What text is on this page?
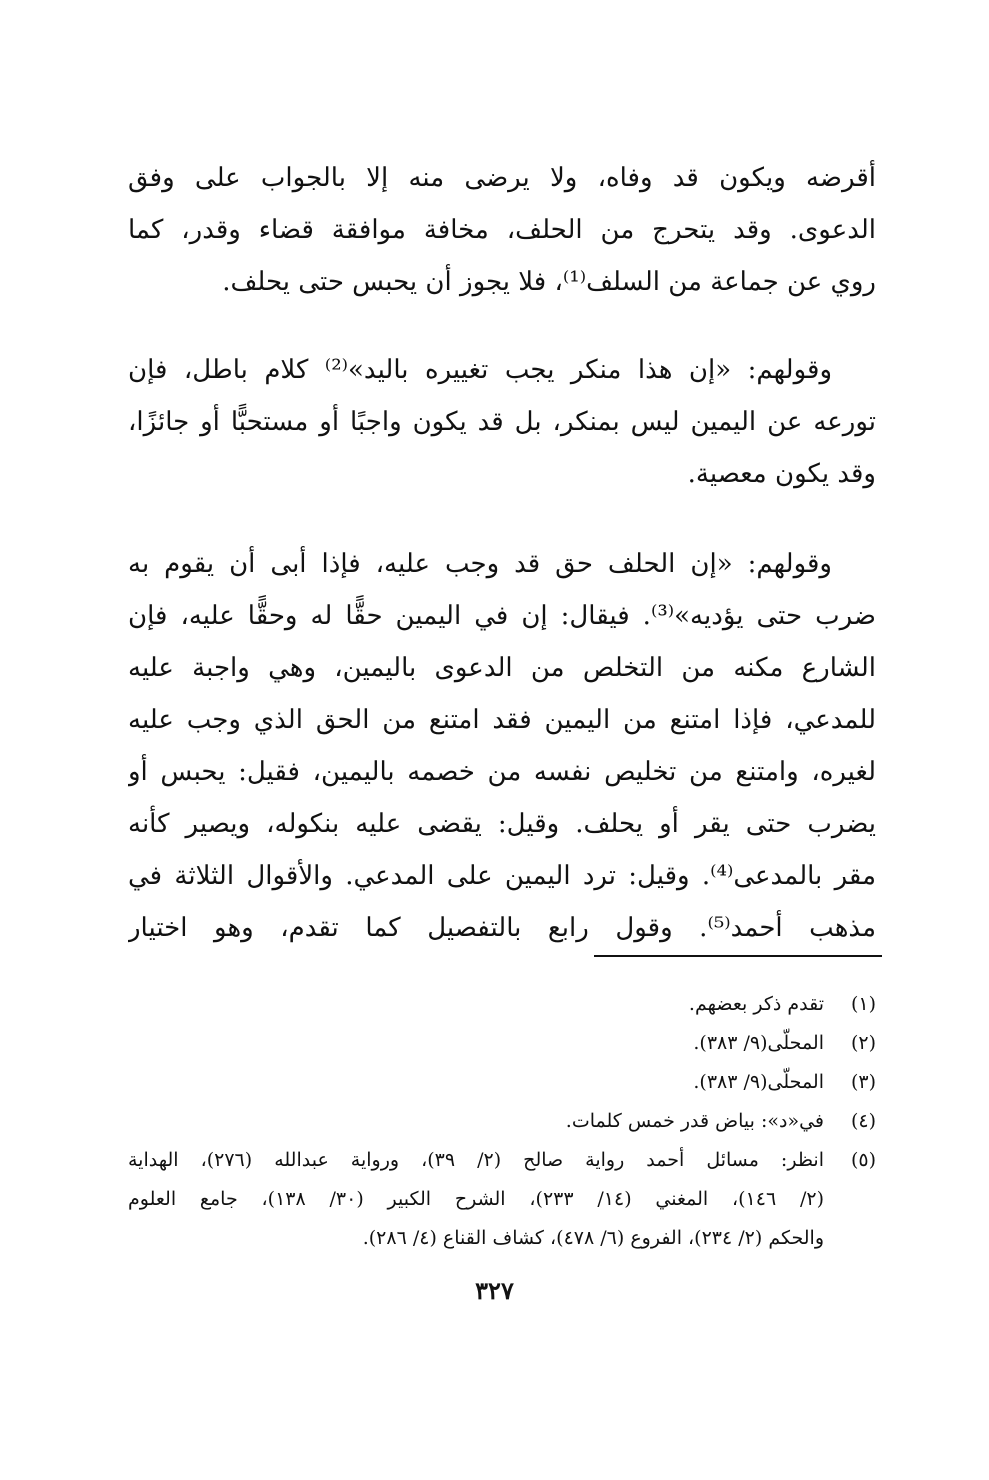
أقرضه ويكون قد وفاه، ولا يرضى منه إلا بالجواب على وفق
الدعوى. وقد يتحرج من الحلف، مخافة موافقة قضاء وقدر، كما
روي عن جماعة من السلف⁽¹⁾، فلا يجوز أن يحبس حتى يحلف.
وقولهم: «إن هذا منكر يجب تغييره باليد»⁽²⁾ كلام باطل، فإن
تورعه عن اليمين ليس بمنكر، بل قد يكون واجبًا أو مستحبًّا أو جائزًا،
وقد يكون معصية.
وقولهم: «إن الحلف حق قد وجب عليه، فإذا أبى أن يقوم به
ضرب حتى يؤديه»⁽³⁾. فيقال: إن في اليمين حقًّا له وحقًّا عليه، فإن
الشارع مكنه من التخلص من الدعوى باليمين، وهي واجبة عليه
للمدعي، فإذا امتنع من اليمين فقد امتنع من الحق الذي وجب عليه
لغيره، وامتنع من تخليص نفسه من خصمه باليمين، فقيل: يحبس أو
يضرب حتى يقر أو يحلف. وقيل: يقضى عليه بنكوله، ويصير كأنه
مقر بالمدعى⁽⁴⁾. وقيل: ترد اليمين على المدعي. والأقوال الثلاثة في
مذهب أحمد⁽⁵⁾. وقول رابع بالتفصيل كما تقدم، وهو اختيار
(١)
تقدم ذكر بعضهم.
(٢)
المحلّى(٩/ ٣٨٣).
(٣)
المحلّى(٩/ ٣٨٣).
(٤)
في«د»: بياض قدر خمس كلمات.
(٥)
انظر: مسائل أحمد رواية صالح (٢/ ٣٩)، ورواية عبدالله (٢٧٦)، الهداية
(٢/ ١٤٦)، المغني (١٤/ ٢٣٣)، الشرح الكبير (٣٠/ ١٣٨)، جامع العلوم
والحكم (٢/ ٢٣٤)، الفروع (٦/ ٤٧٨)، كشاف القناع (٤/ ٢٨٦).
٣٢٧
